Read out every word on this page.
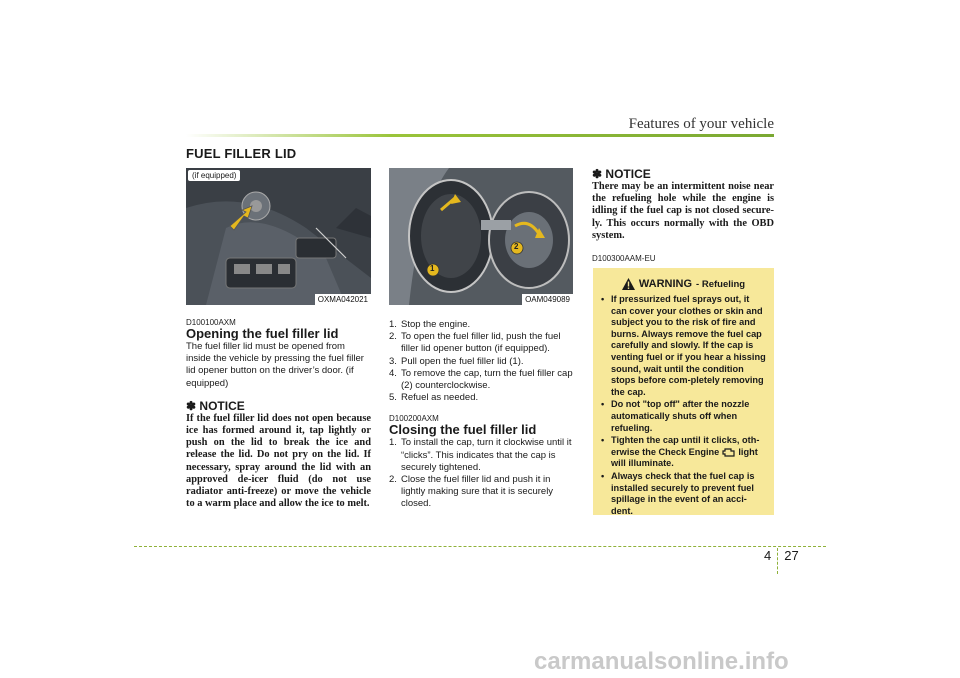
Features of your vehicle
FUEL FILLER LID
(if equipped)
OXMA042021
1
2
OAM049089
D100100AXM

Opening the fuel filler lid

The fuel filler lid must be opened from inside the vehicle by pressing the fuel filler lid opener button on the driver’s door. (if equipped)

✽ NOTICE

If the fuel filler lid does not open because ice has formed around it, tap lightly or push on the lid to break the ice and release the lid. Do not pry on the lid. If necessary, spray around the lid with an approved de-icer fluid (do not use radiator anti-freeze) or move the vehicle to a warm place and allow the ice to melt.

1. Stop the engine.
2. To open the fuel filler lid, push the fuel filler lid opener button (if equipped).
3. Pull open the fuel filler lid (1).
4. To remove the cap, turn the fuel filler cap (2) counterclockwise.
5. Refuel as needed.
D100200AXM

Closing the fuel filler lid

1. To install the cap, turn it clockwise until it “clicks”. This indicates that the cap is securely tightened.
2. Close the fuel filler lid and push it in lightly making sure that it is securely closed.

✽ NOTICE

There may be an intermittent noise near the refueling hole while the engine is idling if the fuel cap is not closed secure-ly. This occurs normally with the OBD system.

D100300AAM-EU
WARNING - Refueling
• If pressurized fuel sprays out, it can cover your clothes or skin and subject you to the risk of fire and burns. Always remove the fuel cap carefully and slowly. If the cap is venting fuel or if you hear a hissing sound, wait until the condition stops before com-pletely removing the cap.
• Do not "top off" after the nozzle automatically shuts off when refueling.
• Tighten the cap until it clicks, oth-erwise the Check Engine light will illuminate.
• Always check that the fuel cap is installed securely to prevent fuel spillage in the event of an acci-dent.
4 27
carmanualsonline.info
